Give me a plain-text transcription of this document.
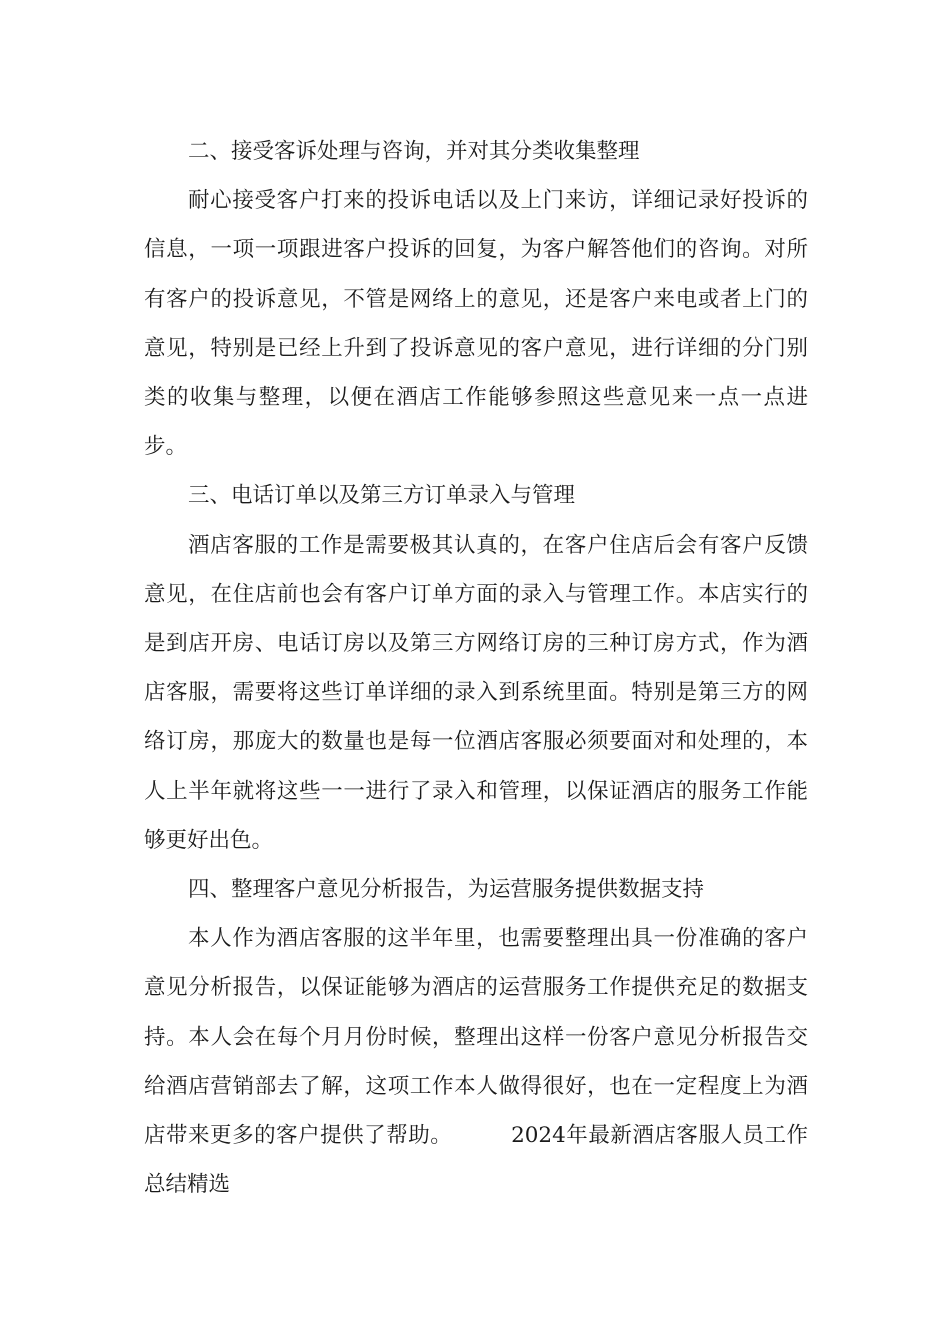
二、接受客诉处理与咨询，并对其分类收集整理

耐心接受客户打来的投诉电话以及上门来访，详细记录好投诉的信息，一项一项跟进客户投诉的回复，为客户解答他们的咨询。对所有客户的投诉意见，不管是网络上的意见，还是客户来电或者上门的意见，特别是已经上升到了投诉意见的客户意见，进行详细的分门别类的收集与整理，以便在酒店工作能够参照这些意见来一点一点进步。

三、电话订单以及第三方订单录入与管理

酒店客服的工作是需要极其认真的，在客户住店后会有客户反馈意见，在住店前也会有客户订单方面的录入与管理工作。本店实行的是到店开房、电话订房以及第三方网络订房的三种订房方式，作为酒店客服，需要将这些订单详细的录入到系统里面。特别是第三方的网络订房，那庞大的数量也是每一位酒店客服必须要面对和处理的，本人上半年就将这些一一进行了录入和管理，以保证酒店的服务工作能够更好出色。

四、整理客户意见分析报告，为运营服务提供数据支持

本人作为酒店客服的这半年里，也需要整理出具一份准确的客户意见分析报告，以保证能够为酒店的运营服务工作提供充足的数据支持。本人会在每个月月份时候，整理出这样一份客户意见分析报告交给酒店营销部去了解，这项工作本人做得很好，也在一定程度上为酒店带来更多的客户提供了帮助。	2024年最新酒店客服人员工作总结精选
